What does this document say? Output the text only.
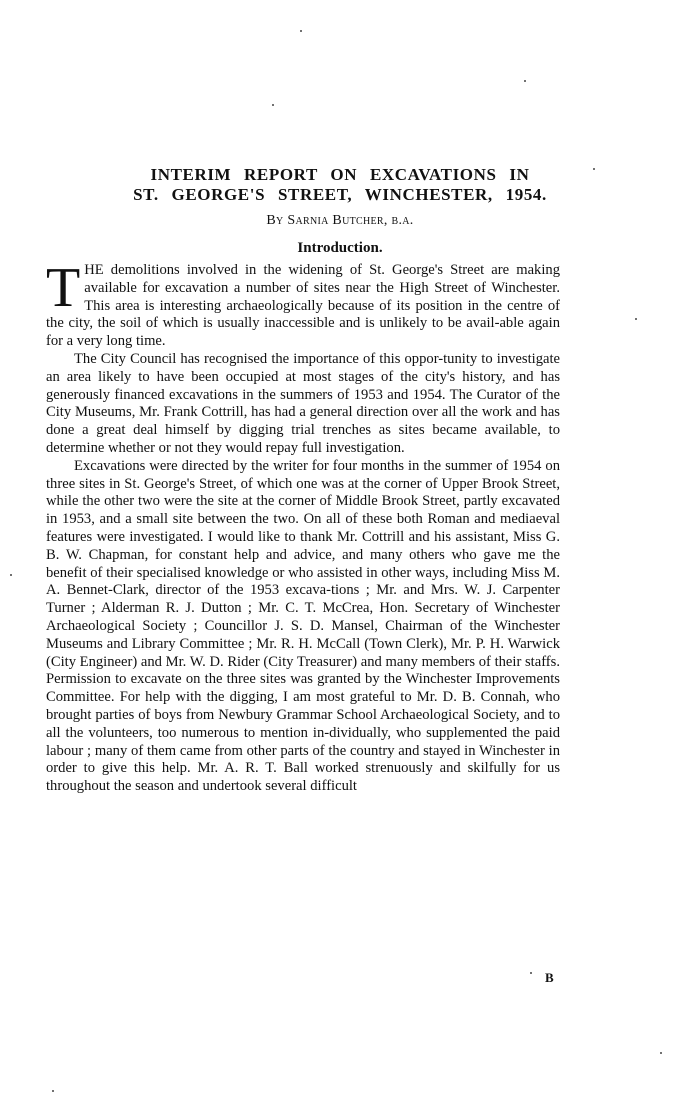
INTERIM REPORT ON EXCAVATIONS IN
ST. GEORGE'S STREET, WINCHESTER, 1954.
By Sarnia Butcher, b.a.
Introduction.

THE demolitions involved in the widening of St. George's Street are making available for excavation a number of sites near the High Street of Winchester. This area is interesting archaeologically because of its position in the centre of the city, the soil of which is usually inaccessible and is unlikely to be avail-able again for a very long time.

The City Council has recognised the importance of this oppor-tunity to investigate an area likely to have been occupied at most stages of the city's history, and has generously financed excavations in the summers of 1953 and 1954. The Curator of the City Museums, Mr. Frank Cottrill, has had a general direction over all the work and has done a great deal himself by digging trial trenches as sites became available, to determine whether or not they would repay full investigation.

Excavations were directed by the writer for four months in the summer of 1954 on three sites in St. George's Street, of which one was at the corner of Upper Brook Street, while the other two were the site at the corner of Middle Brook Street, partly excavated in 1953, and a small site between the two. On all of these both Roman and mediaeval features were investigated. I would like to thank Mr. Cottrill and his assistant, Miss G. B. W. Chapman, for constant help and advice, and many others who gave me the benefit of their specialised knowledge or who assisted in other ways, including Miss M. A. Bennet-Clark, director of the 1953 excava-tions ; Mr. and Mrs. W. J. Carpenter Turner ; Alderman R. J. Dutton ; Mr. C. T. McCrea, Hon. Secretary of Winchester Archaeological Society ; Councillor J. S. D. Mansel, Chairman of the Winchester Museums and Library Committee ; Mr. R. H. McCall (Town Clerk), Mr. P. H. Warwick (City Engineer) and Mr. W. D. Rider (City Treasurer) and many members of their staffs. Permission to excavate on the three sites was granted by the Winchester Improvements Committee. For help with the digging, I am most grateful to Mr. D. B. Connah, who brought parties of boys from Newbury Grammar School Archaeological Society, and to all the volunteers, too numerous to mention in-dividually, who supplemented the paid labour ; many of them came from other parts of the country and stayed in Winchester in order to give this help. Mr. A. R. T. Ball worked strenuously and skilfully for us throughout the season and undertook several difficult

B
